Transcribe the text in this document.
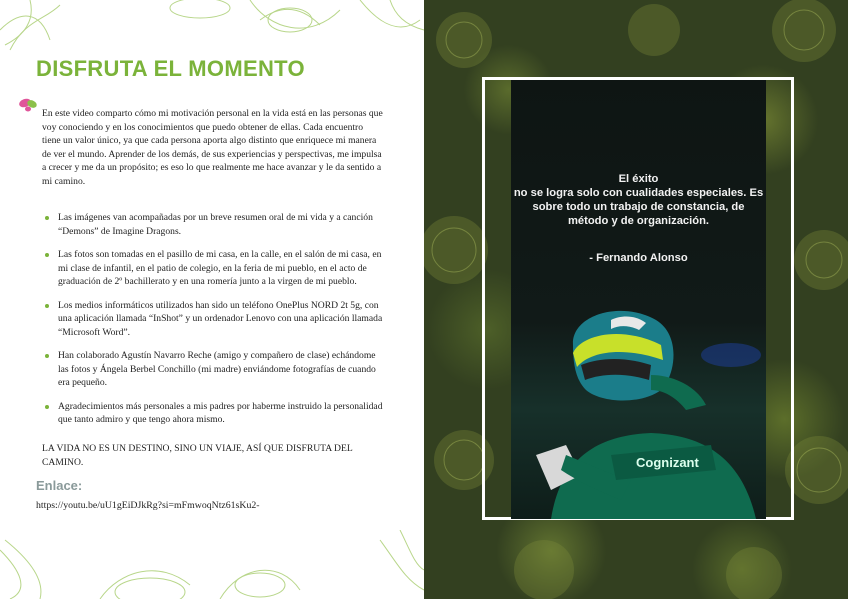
DISFRUTA EL MOMENTO

En este video comparto cómo mi motivación personal en la vida está en las personas que voy conociendo y en los conocimientos que puedo obtener de ellas. Cada encuentro tiene un valor único, ya que cada persona aporta algo distinto que enriquece mi manera de ver el mundo. Aprender de los demás, de sus experiencias y perspectivas, me impulsa a crecer y me da un propósito; es eso lo que realmente me hace avanzar y le da sentido a mi camino.

Las imágenes van acompañadas por un breve resumen oral de mi vida y a canción “Demons” de Imagine Dragons.
Las fotos son tomadas en el pasillo de mi casa, en la calle, en el salón de mi casa, en mi clase de infantil, en el patio de colegio, en la feria de mi pueblo, en el acto de graduación de 2º bachillerato y en una romería junto a la virgen de mi pueblo.
Los medios informáticos utilizados han sido un teléfono OnePlus NORD 2t 5g, con una aplicación llamada “InShot” y un ordenador Lenovo con una aplicación llamada “Microsoft Word”.
Han colaborado Agustín Navarro Reche (amigo y compañero de clase) echándome las fotos y Ángela Berbel Conchillo (mi madre) enviándome fotografías de cuando era pequeño.
Agradecimientos más personales a mis padres por haberme instruido la personalidad que tanto admiro y que tengo ahora mismo.

LA VIDA NO ES UN DESTINO, SINO UN VIAJE, ASÍ QUE DISFRUTA DEL CAMINO.

Enlace:

https://youtu.be/uU1gEiDJkRg?si=mFmwoqNtz61sKu2-

El éxito
no se logra solo con cualidades especiales. Es sobre todo un trabajo de constancia, de método y de organización.

- Fernando Alonso

Cognizant
